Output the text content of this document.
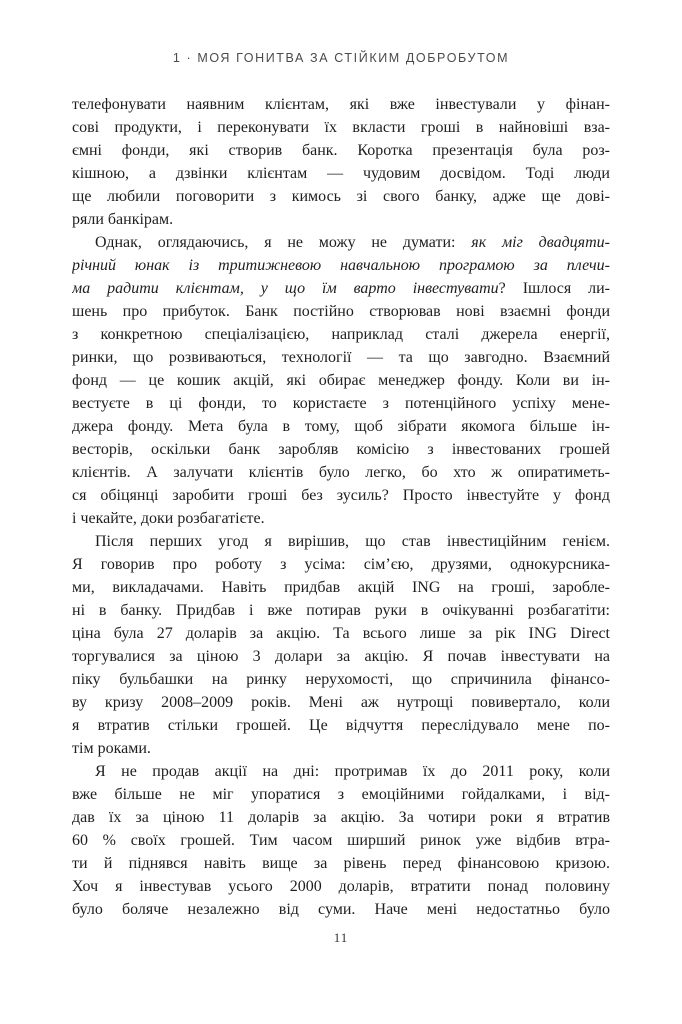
1 · МОЯ ГОНИТВА ЗА СТІЙКИМ ДОБРОБУТОМ
телефонувати наявним клієнтам, які вже інвестували у фінан-
сові продукти, і переконувати їх вкласти гроші в найновіші вза-
ємні фонди, які створив банк. Коротка презентація була роз-
кішною, а дзвінки клієнтам — чудовим досвідом. Тоді люди
ще любили поговорити з кимось зі свого банку, адже ще дові-
ряли банкірам.
Однак, оглядаючись, я не можу не думати: як міг двадцяти-
річний юнак із тритижневою навчальною програмою за плечи-
ма радити клієнтам, у що їм варто інвестувати? Ішлося ли-
шень про прибуток. Банк постійно створював нові взаємні фонди
з конкретною спеціалізацією, наприклад сталі джерела енергії,
ринки, що розвиваються, технології — та що завгодно. Взаємний
фонд — це кошик акцій, які обирає менеджер фонду. Коли ви ін-
вестуєте в ці фонди, то користаєте з потенційного успіху мене-
джера фонду. Мета була в тому, щоб зібрати якомога більше ін-
весторів, оскільки банк заробляв комісію з інвестованих грошей
клієнтів. А залучати клієнтів було легко, бо хто ж опиратиметь-
ся обіцянці заробити гроші без зусиль? Просто інвестуйте у фонд
і чекайте, доки розбагатієте.
Після перших угод я вирішив, що став інвестиційним генієм.
Я говорив про роботу з усіма: сім’єю, друзями, однокурсника-
ми, викладачами. Навіть придбав акцій ING на гроші, заробле-
ні в банку. Придбав і вже потирав руки в очікуванні розбагатіти:
ціна була 27 доларів за акцію. Та всього лише за рік ING Direct
торгувалися за ціною 3 долари за акцію. Я почав інвестувати на
піку бульбашки на ринку нерухомості, що спричинила фінансо-
ву кризу 2008–2009 років. Мені аж нутрощі повивертало, коли
я втратив стільки грошей. Це відчуття переслідувало мене по-
тім роками.
Я не продав акції на дні: протримав їх до 2011 року, коли
вже більше не міг упоратися з емоційними гойдалками, і від-
дав їх за ціною 11 доларів за акцію. За чотири роки я втратив
60 % своїх грошей. Тим часом ширший ринок уже відбив втра-
ти й піднявся навіть вище за рівень перед фінансовою кризою.
Хоч я інвестував усього 2000 доларів, втратити понад половину
було боляче незалежно від суми. Наче мені недостатньо було
11
